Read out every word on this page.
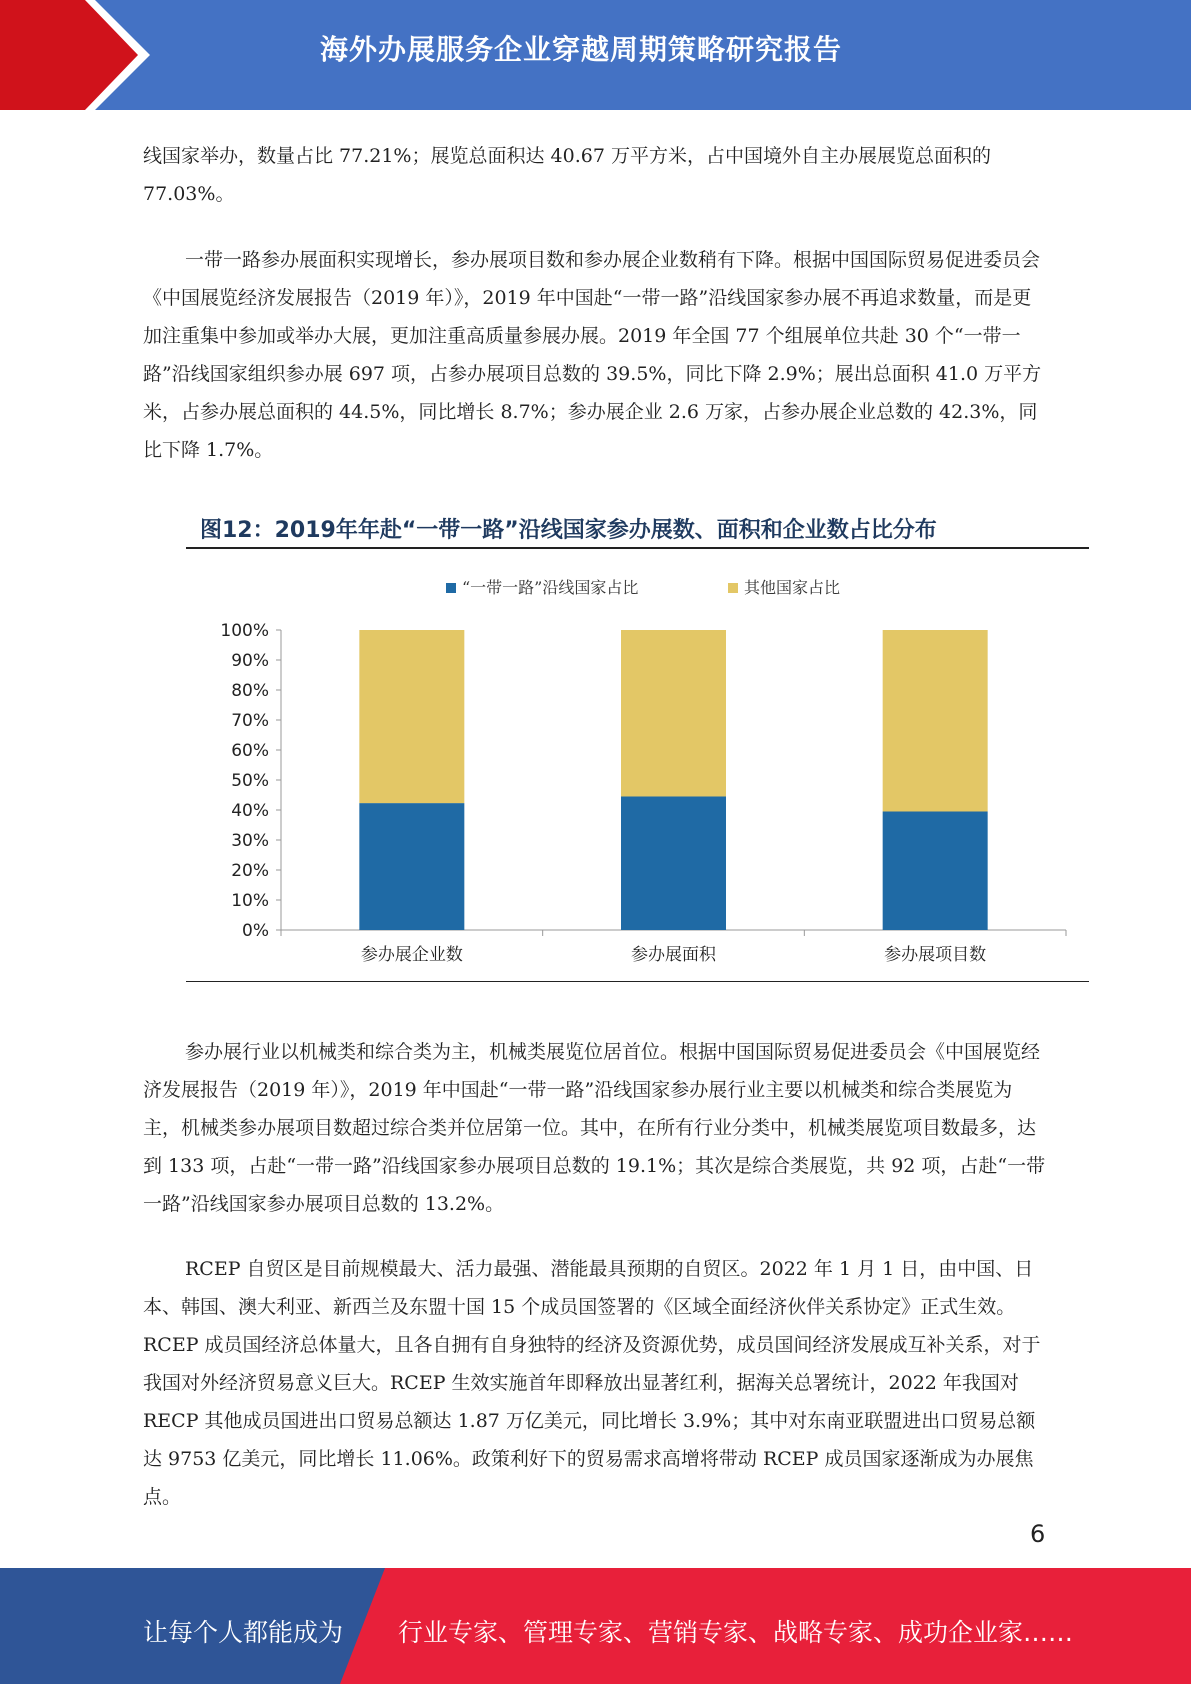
海外办展服务企业穿越周期策略研究报告

线国家举办，数量占比 77.21%；展览总面积达 40.67 万平方米，占中国境外自主办展展览总面积的 77.03%。

一带一路参办展面积实现增长，参办展项目数和参办展企业数稍有下降。根据中国国际贸易促进委员会《中国展览经济发展报告（2019 年）》，2019 年中国赴“一带一路”沿线国家参办展不再追求数量，而是更加注重集中参加或举办大展，更加注重高质量参展办展。2019 年全国 77 个组展单位共赴 30 个“一带一路”沿线国家组织参办展 697 项，占参办展项目总数的 39.5%，同比下降 2.9%；展出总面积 41.0 万平方米，占参办展总面积的 44.5%，同比增长 8.7%；参办展企业 2.6 万家，占参办展企业总数的 42.3%，同比下降 1.7%。

图12：2019年年赴“一带一路”沿线国家参办展数、面积和企业数占比分布
“一带一路”沿线国家占比	其他国家占比
0%
10%
20%
30%
40%
50%
60%
70%
80%
90%
100%
参办展企业数	参办展面积	参办展项目数

参办展行业以机械类和综合类为主，机械类展览位居首位。根据中国国际贸易促进委员会《中国展览经济发展报告（2019 年）》，2019 年中国赴“一带一路”沿线国家参办展行业主要以机械类和综合类展览为主，机械类参办展项目数超过综合类并位居第一位。其中，在所有行业分类中，机械类展览项目数最多，达到 133 项，占赴“一带一路”沿线国家参办展项目总数的 19.1%；其次是综合类展览，共 92 项，占赴“一带一路”沿线国家参办展项目总数的 13.2%。

RCEP 自贸区是目前规模最大、活力最强、潜能最具预期的自贸区。2022 年 1 月 1 日，由中国、日本、韩国、澳大利亚、新西兰及东盟十国 15 个成员国签署的《区域全面经济伙伴关系协定》正式生效。RCEP 成员国经济总体量大，且各自拥有自身独特的经济及资源优势，成员国间经济发展成互补关系，对于我国对外经济贸易意义巨大。RCEP 生效实施首年即释放出显著红利，据海关总署统计，2022 年我国对 RECP 其他成员国进出口贸易总额达 1.87 万亿美元，同比增长 3.9%；其中对东南亚联盟进出口贸易总额达 9753 亿美元，同比增长 11.06%。政策利好下的贸易需求高增将带动 RCEP 成员国家逐渐成为办展焦点。

6
让每个人都能成为 行业专家、管理专家、营销专家、战略专家、成功企业家……
